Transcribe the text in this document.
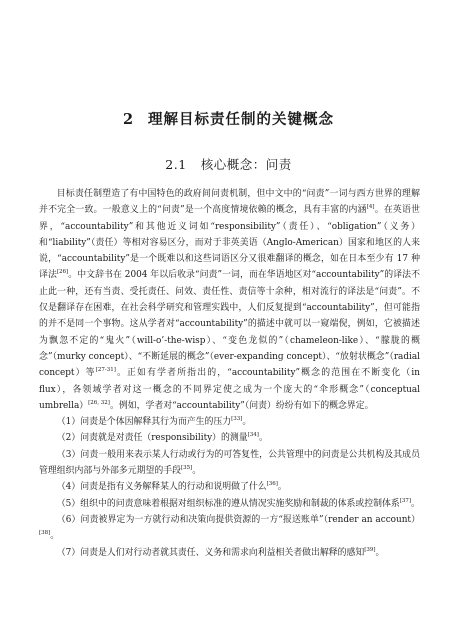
2 理解目标责任制的关键概念
2.1 核心概念：问责

目标责任制塑造了有中国特色的政府间问责机制，但中文中的“问责”一词与西方世界的理解并不完全一致。一般意义上的“问责”是一个高度情境依赖的概念，具有丰富的内涵[4]。在英语世界，“accountability”和其他近义词如“responsibility”（责任）、“obligation”（义务）和“liability”（责任）等相对容易区分，而对于非英美语（Anglo-American）国家和地区的人来说，“accountability”是一个既难以和这些词语区分又很难翻译的概念，如在日本至少有 17 种译法[26]。中文辞书在 2004 年以后收录“问责”一词，而在华语地区对“accountability”的译法不止此一种，还有当责、受托责任、问效、责任性、责信等十余种，相对流行的译法是“问责”。不仅是翻译存在困难，在社会科学研究和管理实践中，人们反复提到“accountability”，但可能指的并不是同一个事物。这从学者对“accountability”的描述中就可以一窥端倪，例如，它被描述为飘忽不定的“鬼火”（will-o’-the-wisp）、“变色龙似的”（chameleon-like）、“朦胧的概念”（murky concept）、“不断延展的概念”（ever-expanding concept）、“放射状概念”（radial concept）等[27-31]。正如有学者所指出的，“accountability”概念的范围在不断变化（in flux），各领域学者对这一概念的不同界定使之成为一个庞大的“伞形概念”（conceptual umbrella）[26, 32]。例如，学者对“accountability”（问责）纷纷有如下的概念界定。

（1）问责是个体因解释其行为而产生的压力[33]。

（2）问责就是对责任（responsibility）的测量[34]。

（3）问责一般用来表示某人行动或行为的可答复性，公共管理中的问责是公共机构及其成员管理组织内部与外部多元期望的手段[35]。

（4）问责是指有义务解释某人的行动和说明做了什么[36]。

（5）组织中的问责意味着根据对组织标准的遵从情况实施奖励和制裁的体系或控制体系[37]。

（6）问责被界定为一方就行动和决策向提供资源的一方“报送账单”（render an account）[38]。

（7）问责是人们对行动者就其责任、义务和需求向利益相关者做出解释的感知[39]。
